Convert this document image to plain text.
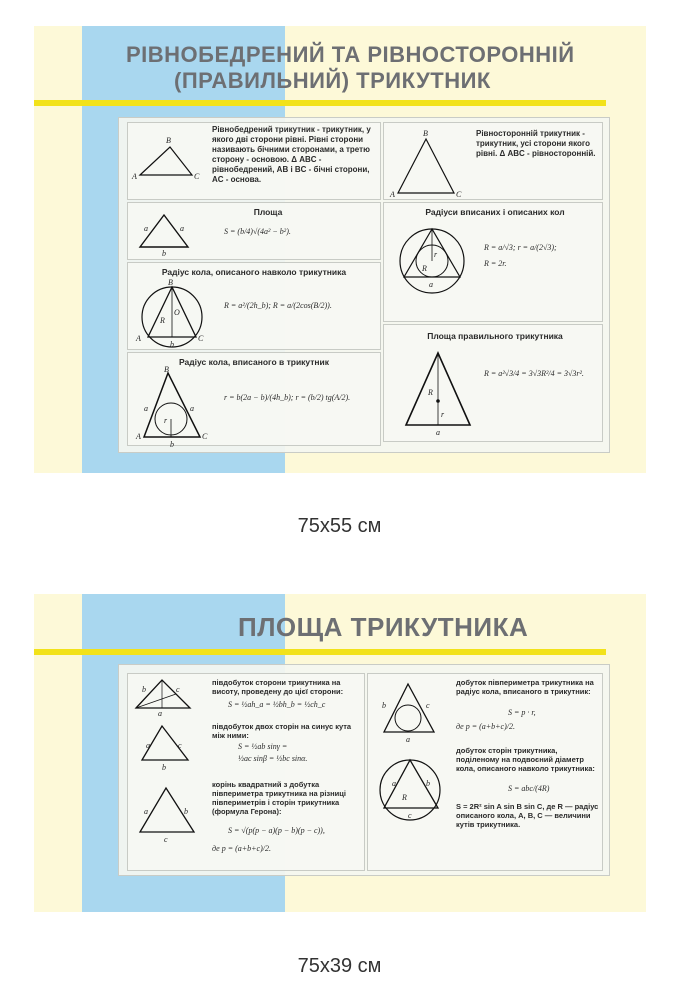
РІВНОБЕДРЕНИЙ ТА РІВНОСТОРОННІЙ
(ПРАВИЛЬНИЙ) ТРИКУТНИК
B
A	C
Рівнобедрений трикутник - трикутник, у якого дві сторони рівні. Рівні сторони називають бічними сторонами, а третю сторону - основою. Δ ABC - рівнобедрений, AB і BC - бічні сторони, AC - основа.
B
A	C
Рівносторонній трикутник - трикутник, усі сторони якого рівні. Δ ABC - рівносторонній.
Площа
a	a
b
S = (b/4)√(4a² − b²).
Радіуси вписаних і описаних кол
R
r
a
R = a/√3; r = a/(2√3);
R = 2r.
Радіус кола, описаного навколо трикутника
B
O
R
A	C
b
R = a²/(2h_b); R = a/(2cos(B/2)).
Площа правильного трикутника
R
r
a
R = a²√3/4 = 3√3R²/4 = 3√3r².
Радіус кола, вписаного в трикутник
B
A	C
a	a
b
r
r = b(2a − b)/(4h_b); r = (b/2) tg(A/2).
75x55 см
ПЛОЩА ТРИКУТНИКА
b	c
a
a	c
b
a	b
c
півдобуток сторони трикутника на висоту, проведену до цієї сторони:
S = ½ah_a = ½bh_b = ½ch_c
півдобуток двох сторін на синус кута між ними:
S = ½ab sinγ =
½ac sinβ = ½bc sinα.
корінь квадратний з добутка півпериметра трикутника на різниці півпериметрів і сторін трикутника (формула Герона):
S = √(p(p − a)(p − b)(p − c)),
де p = (a+b+c)/2.
b	c
a
a	b
c
R
добуток півпериметра трикутника на радіус кола, вписаного в трикутник:
S = p · r,
де p = (a+b+c)/2.
добуток сторін трикутника, поділеному на подвоєний діаметр кола, описаного навколо трикутника:
S = abc/(4R)
S = 2R² sin A sin B sin C, де R — радіус описаного кола, A, B, C — величини кутів трикутника.
75x39 см
